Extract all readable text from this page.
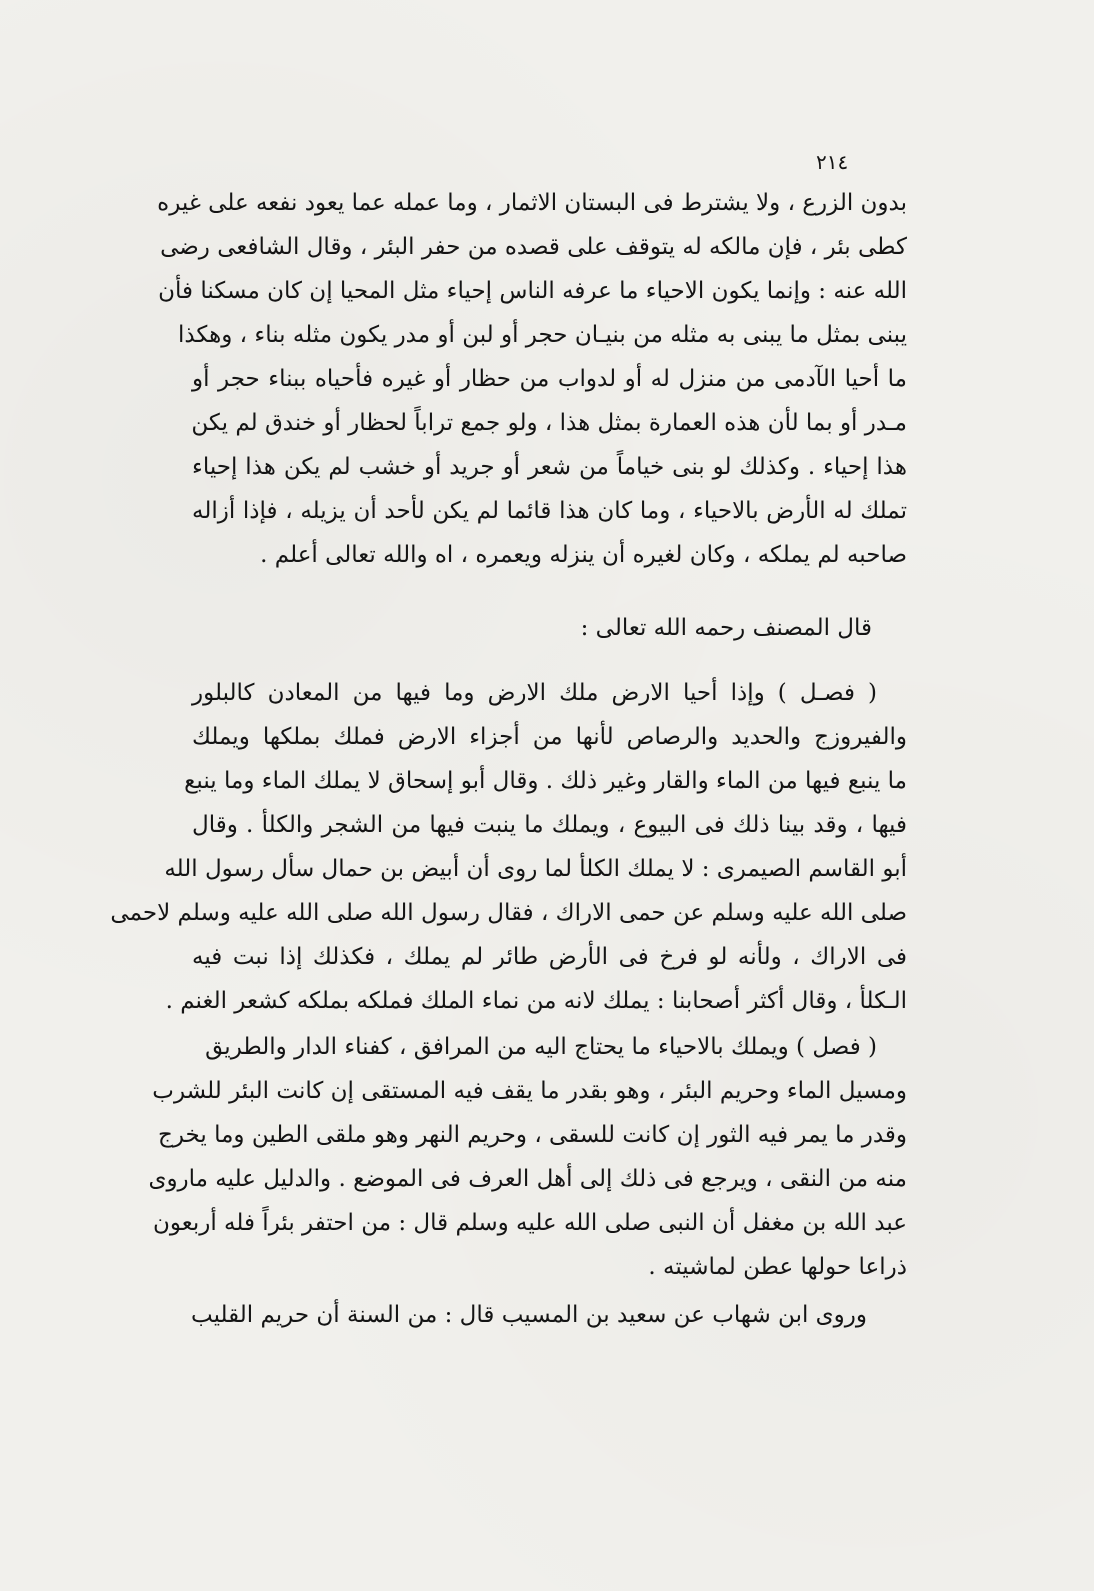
٢١٤
بدون الزرع ، ولا يشترط فى البستان الاثمار ، وما عمله عما يعود نفعه على غيره
كطى بئر ، فإن مالكه له يتوقف على قصده من حفر البئر ، وقال الشافعى رضى
الله عنه : وإنما يكون الاحياء ما عرفه الناس إحياء مثل المحيا إن كان مسكنا فأن
يبنى بمثل ما يبنى به مثله من بنيـان حجر أو لبن أو مدر يكون مثله بناء ، وهكذا
ما أحيا الآدمى من منزل له أو لدواب من حظار أو غيره فأحياه ببناء حجر أو
مـدر أو بما لأن هذه العمارة بمثل هذا ، ولو جمع تراباً لحظار أو خندق لم يكن
هذا إحياء . وكذلك لو بنى خياماً من شعر أو جريد أو خشب لم يكن هذا إحياء
تملك له الأرض بالاحياء ، وما كان هذا قائما لم يكن لأحد أن يزيله ، فإذا أزاله
صاحبه لم يملكه ، وكان لغيره أن ينزله ويعمره ، اه والله تعالى أعلم .
قال المصنف رحمه الله تعالى :
( فصـل ) وإذا أحيا الارض ملك الارض وما فيها من المعادن كالبلور
والفيروزج والحديد والرصاص لأنها من أجزاء الارض فملك بملكها ويملك
ما ينبع فيها من الماء والقار وغير ذلك . وقال أبو إسحاق لا يملك الماء وما ينبع
فيها ، وقد بينا ذلك فى البيوع ، ويملك ما ينبت فيها من الشجر والكلأ . وقال
أبو القاسم الصيمرى : لا يملك الكلأ لما روى أن أبيض بن حمال سأل رسول الله
صلى الله عليه وسلم عن حمى الاراك ، فقال رسول الله صلى الله عليه وسلم لاحمى
فى الاراك ، ولأنه لو فرخ فى الأرض طائر لم يملك ، فكذلك إذا نبت فيه
الـكلأ ، وقال أكثر أصحابنا : يملك لانه من نماء الملك فملكه بملكه كشعر الغنم .
( فصل ) ويملك بالاحياء ما يحتاج اليه من المرافق ، كفناء الدار والطريق
ومسيل الماء وحريم البئر ، وهو بقدر ما يقف فيه المستقى إن كانت البئر للشرب
وقدر ما يمر فيه الثور إن كانت للسقى ، وحريم النهر وهو ملقى الطين وما يخرج
منه من النقى ، ويرجع فى ذلك إلى أهل العرف فى الموضع . والدليل عليه ماروى
عبد الله بن مغفل أن النبى صلى الله عليه وسلم قال : من احتفر بئراً فله أربعون
ذراعا حولها عطن لماشيته .
وروى ابن شهاب عن سعيد بن المسيب قال : من السنة أن حريم القليب
